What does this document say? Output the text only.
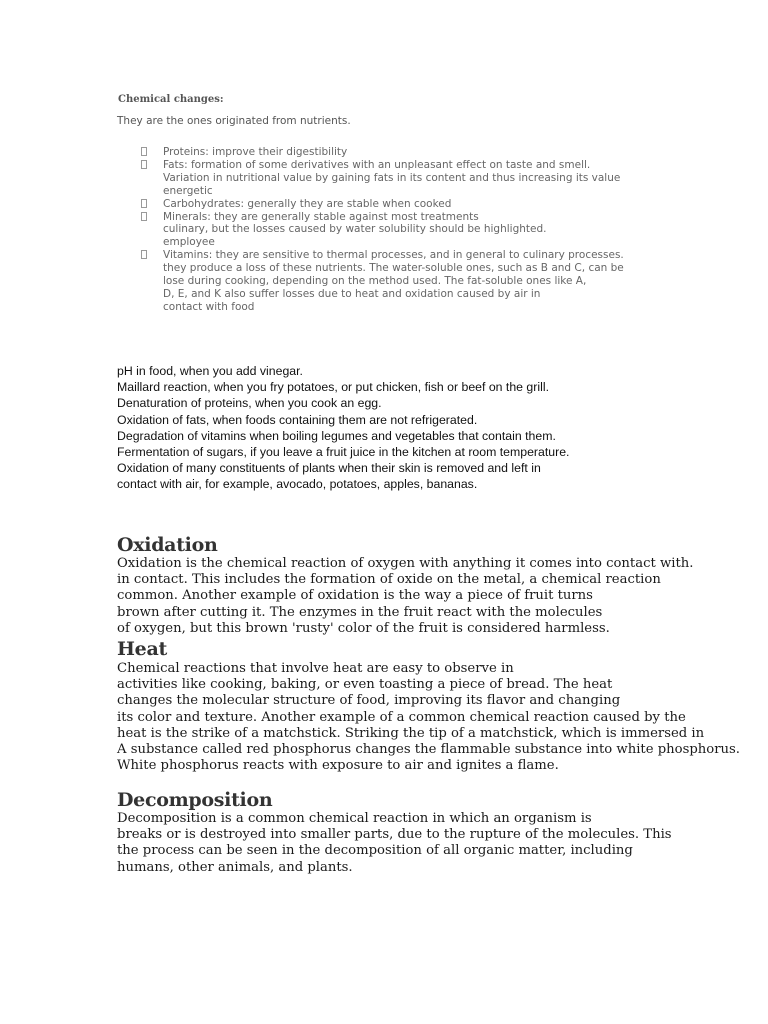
Chemical changes:

They are the ones originated from nutrients.

Proteins: improve their digestibility
Fats: formation of some derivatives with an unpleasant effect on taste and smell.
Variation in nutritional value by gaining fats in its content and thus increasing its value
energetic
Carbohydrates: generally they are stable when cooked
Minerals: they are generally stable against most treatments
culinary, but the losses caused by water solubility should be highlighted.
employee
Vitamins: they are sensitive to thermal processes, and in general to culinary processes.
they produce a loss of these nutrients. The water-soluble ones, such as B and C, can be
lose during cooking, depending on the method used. The fat-soluble ones like A,
D, E, and K also suffer losses due to heat and oxidation caused by air in
contact with food
pH in food, when you add vinegar.
Maillard reaction, when you fry potatoes, or put chicken, fish or beef on the grill.
Denaturation of proteins, when you cook an egg.
Oxidation of fats, when foods containing them are not refrigerated.
Degradation of vitamins when boiling legumes and vegetables that contain them.
Fermentation of sugars, if you leave a fruit juice in the kitchen at room temperature.
Oxidation of many constituents of plants when their skin is removed and left in
contact with air, for example, avocado, potatoes, apples, bananas.
Oxidation
Oxidation is the chemical reaction of oxygen with anything it comes into contact with.
in contact. This includes the formation of oxide on the metal, a chemical reaction
common. Another example of oxidation is the way a piece of fruit turns
brown after cutting it. The enzymes in the fruit react with the molecules
of oxygen, but this brown 'rusty' color of the fruit is considered harmless.
Heat
Chemical reactions that involve heat are easy to observe in
activities like cooking, baking, or even toasting a piece of bread. The heat
changes the molecular structure of food, improving its flavor and changing
its color and texture. Another example of a common chemical reaction caused by the
heat is the strike of a matchstick. Striking the tip of a matchstick, which is immersed in
A substance called red phosphorus changes the flammable substance into white phosphorus.
White phosphorus reacts with exposure to air and ignites a flame.
Decomposition
Decomposition is a common chemical reaction in which an organism is
breaks or is destroyed into smaller parts, due to the rupture of the molecules. This
the process can be seen in the decomposition of all organic matter, including
humans, other animals, and plants.
